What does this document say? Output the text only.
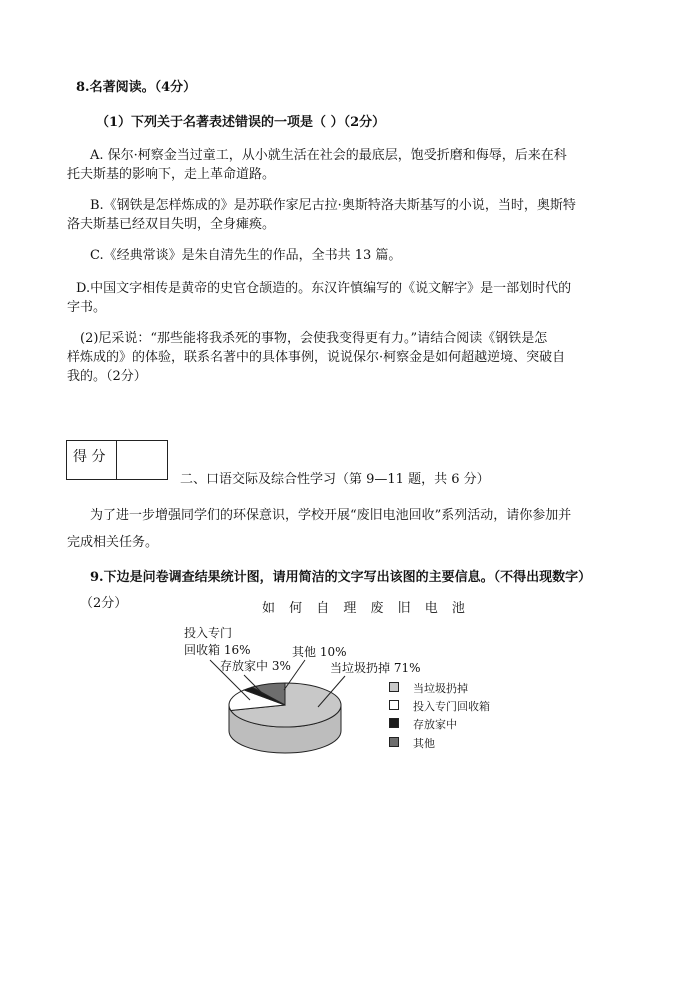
8.名著阅读。（4分）
（1）下列关于名著表述错误的一项是（ ）（2分）
A. 保尔·柯察金当过童工，从小就生活在社会的最底层，饱受折磨和侮辱，后来在科
托夫斯基的影响下，走上革命道路。
B.《钢铁是怎样炼成的》是苏联作家尼古拉·奥斯特洛夫斯基写的小说，当时，奥斯特
洛夫斯基已经双目失明，全身瘫痪。
C.《经典常谈》是朱自清先生的作品，全书共 13 篇。
D.中国文字相传是黄帝的史官仓颉造的。东汉许慎编写的《说文解字》是一部划时代的
字书。
(2)尼采说：“那些能将我杀死的事物，会使我变得更有力。”请结合阅读《钢铁是怎
样炼成的》的体验，联系名著中的具体事例，说说保尔·柯察金是如何超越逆境、突破自
我的。（2分）
得 分
二、口语交际及综合性学习（第 9—11 题，共 6 分）
为了进一步增强同学们的环保意识，学校开展“废旧电池回收”系列活动，请你参加并
完成相关任务。
9.下边是问卷调查结果统计图，请用简洁的文字写出该图的主要信息。（不得出现数字）
（2分）	如 何 自 理 废 旧 电 池
投入专门
回收箱 16%	其他 10%
存放家中 3%	当垃圾扔掉 71%
当垃圾扔掉
投入专门回收箱
存放家中
其他
